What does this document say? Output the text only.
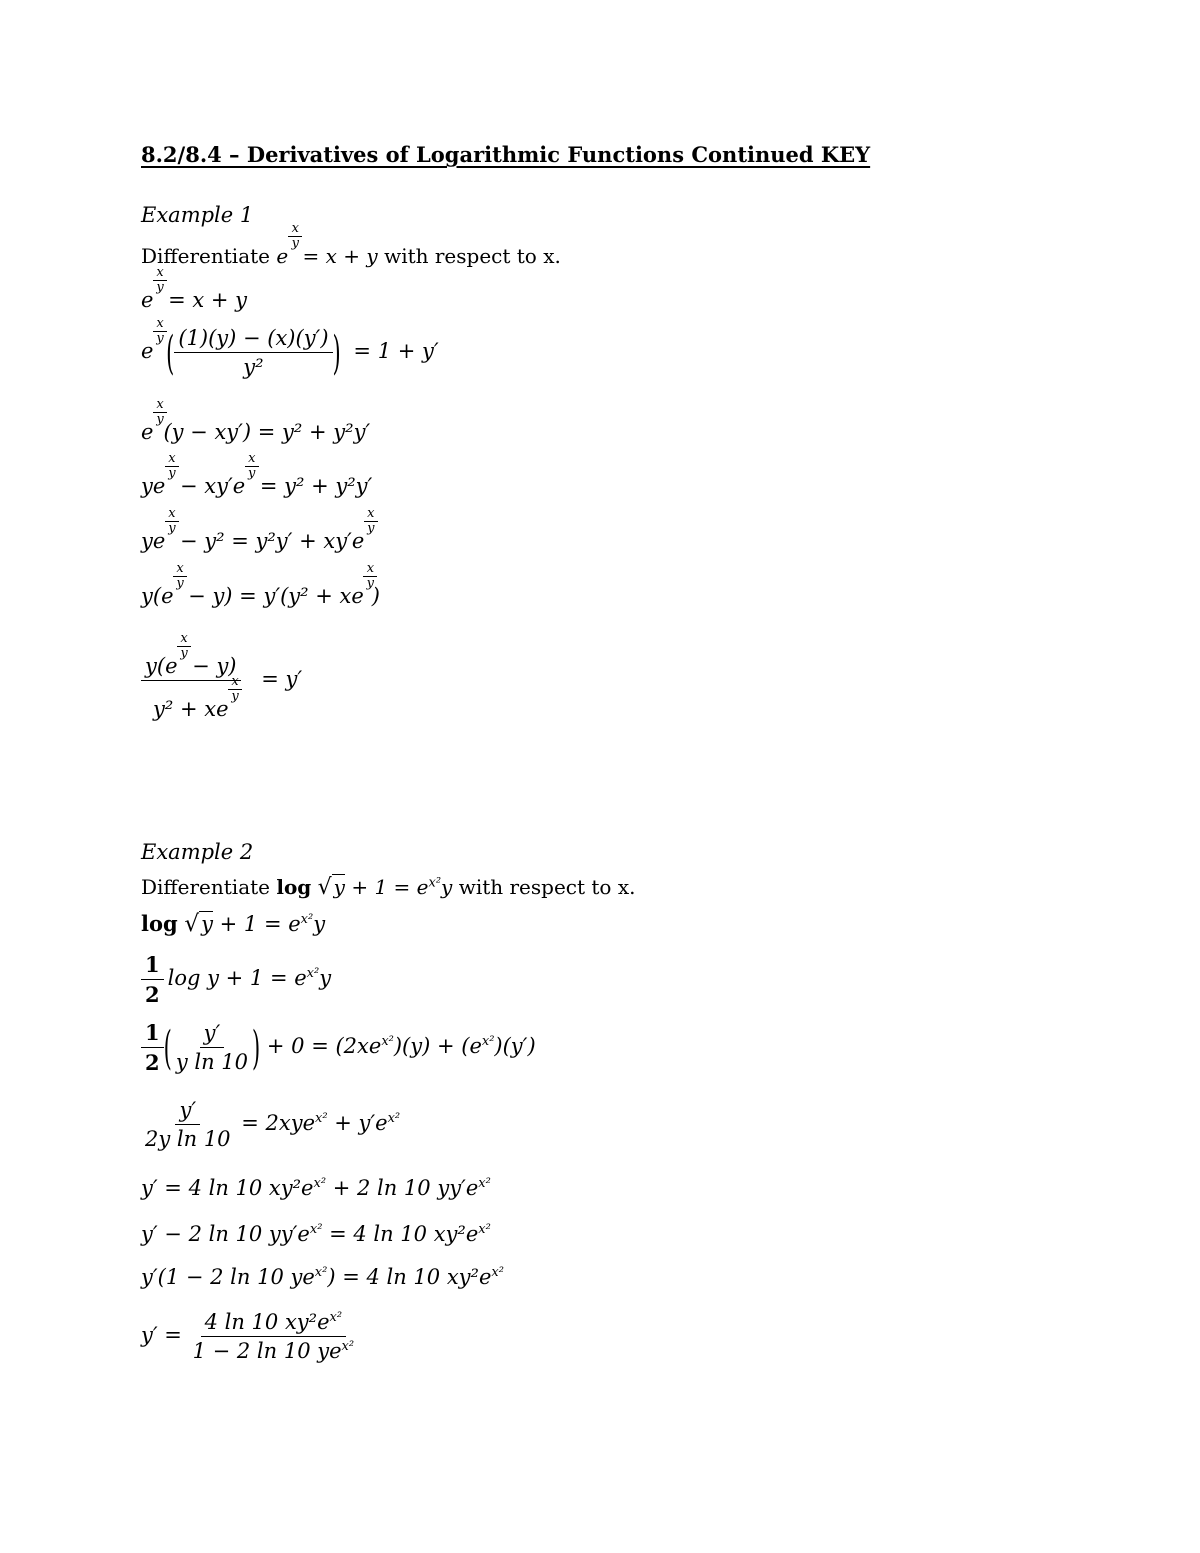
8.2/8.4 – Derivatives of Logarithmic Functions Continued KEY
Example 1
Differentiate e
x
y
= x + y with respect to x.
e
x
y
= x + y
e
x
y ( $\frac{(1)(y) - (x)(y')}{\text{y²}}$ ) = 1 + y′
e
x
y
(y − xy′) = y² + y²y′
ye
x
y
− xy′e
x
y
= y² + y²y′
ye
x
y
− y² = y²y′ + xy′e
x
y
y(e
x
y
− y) = y′(y² + xe
x
y
)
y(e
x
y
− y)
y² + xe
x
y = y′
Example 2
Differentiate log √ $y + 1 = e^{x^2}y$ with respect to x.
$\log √y + 1 = e^{x^2}y$
$\frac{1}{2}$ $\log y + 1 = e^{x^2}y$
$\frac{1}{2}$ ( $\frac{y'}{\text{y ln 10}}$ ) + $0 = (2xe^{x^2})(y) + (e^{x^2})(y')$
$\frac{y'}{\text{2y ln 10}} = 2xye^{x^2} + y'e^{x^2}$
y′ = 4 ln 10 $xy^2e^{x^2} + 2$ ln 10 $yy'e^{x^2}$
y′ − 2 ln 10 $yy'e^{x^2} = 4$ ln 10 $xy^2e^{x^2}$
y′(1 − 2 ln 10 $ye^{x^2}) = 4$ ln 10 $xy^2e^{x^2}$
$y' = \frac{4 \ln 10 xy^2e^{x^2}}{1 - 2 \ln 10 ye^{x^2}}$
